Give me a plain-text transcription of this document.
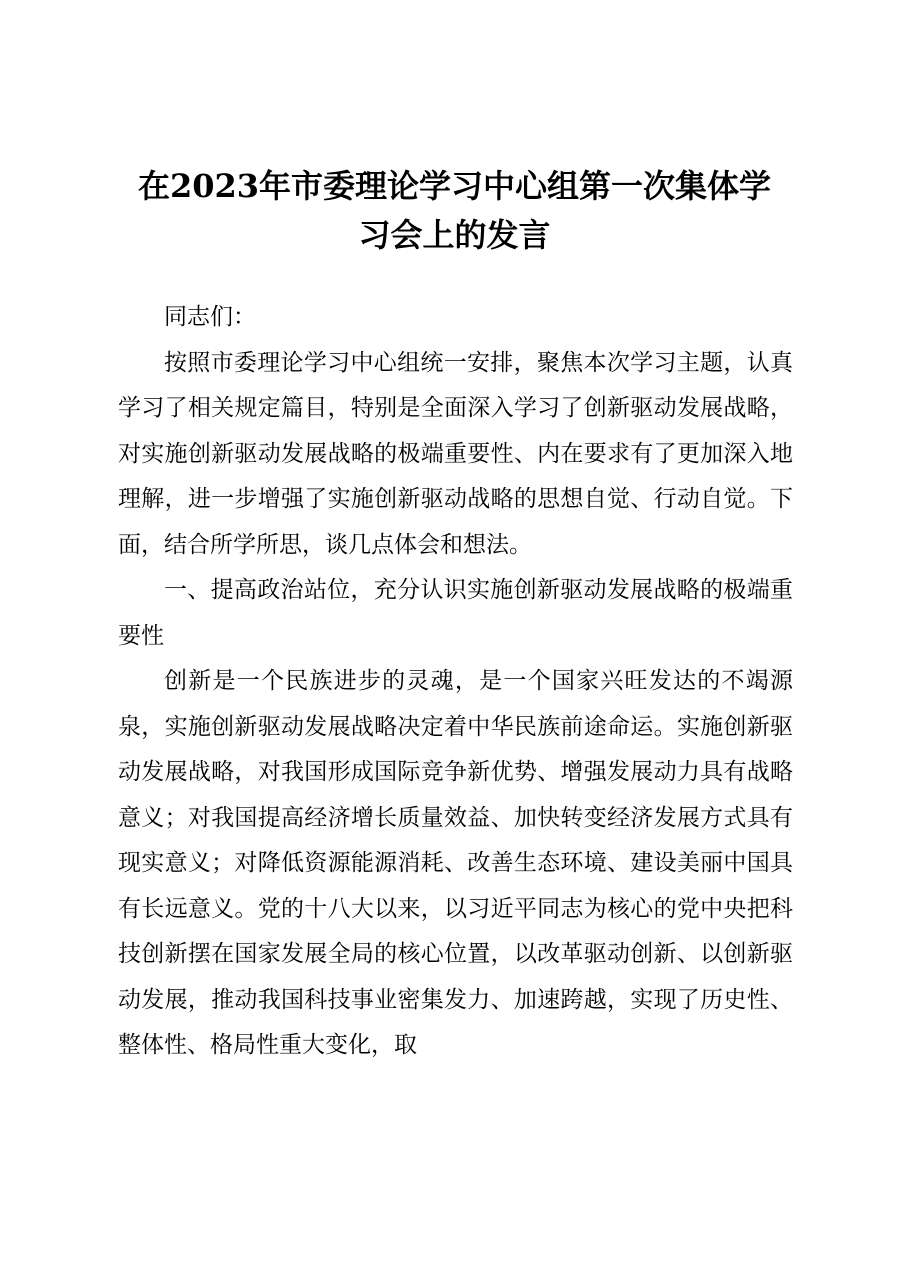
在2023年市委理论学习中心组第一次集体学
习会上的发言

同志们：

按照市委理论学习中心组统一安排，聚焦本次学习主题，认真学习了相关规定篇目，特别是全面深入学习了创新驱动发展战略，对实施创新驱动发展战略的极端重要性、内在要求有了更加深入地理解，进一步增强了实施创新驱动战略的思想自觉、行动自觉。下面，结合所学所思，谈几点体会和想法。

一、提高政治站位，充分认识实施创新驱动发展战略的极端重要性

创新是一个民族进步的灵魂，是一个国家兴旺发达的不竭源泉，实施创新驱动发展战略决定着中华民族前途命运。实施创新驱动发展战略，对我国形成国际竞争新优势、增强发展动力具有战略意义；对我国提高经济增长质量效益、加快转变经济发展方式具有现实意义；对降低资源能源消耗、改善生态环境、建设美丽中国具有长远意义。党的十八大以来，以习近平同志为核心的党中央把科技创新摆在国家发展全局的核心位置，以改革驱动创新、以创新驱动发展，推动我国科技事业密集发力、加速跨越，实现了历史性、整体性、格局性重大变化，取
